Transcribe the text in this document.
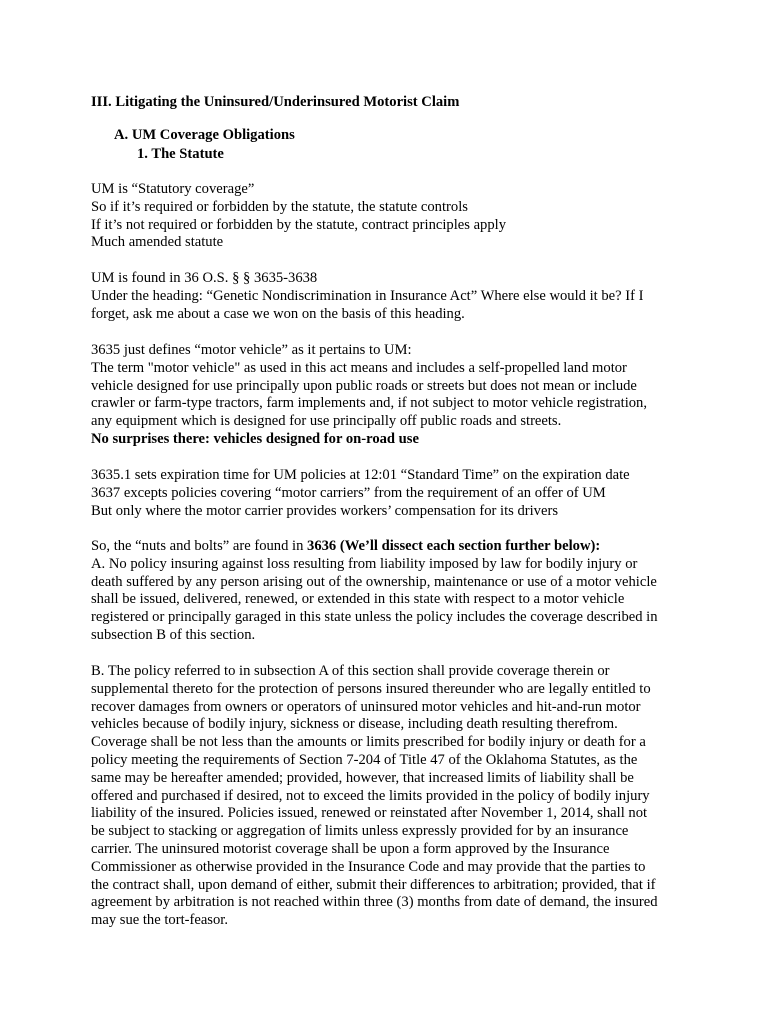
III. Litigating the Uninsured/Underinsured Motorist Claim
A. UM Coverage Obligations
1. The Statute
UM is “Statutory coverage”
So if it’s required or forbidden by the statute, the statute controls
If it’s not required or forbidden by the statute, contract principles apply
Much amended statute
UM is found in 36 O.S. § § 3635-3638
Under the heading: “Genetic Nondiscrimination in Insurance Act” Where else would it be? If I
forget, ask me about a case we won on the basis of this heading.
3635 just defines “motor vehicle” as it pertains to UM:
The term "motor vehicle" as used in this act means and includes a self-propelled land motor
vehicle designed for use principally upon public roads or streets but does not mean or include
crawler or farm-type tractors, farm implements and, if not subject to motor vehicle registration,
any equipment which is designed for use principally off public roads and streets.
No surprises there: vehicles designed for on-road use
3635.1 sets expiration time for UM policies at 12:01 “Standard Time” on the expiration date
3637 excepts policies covering “motor carriers” from the requirement of an offer of UM
But only where the motor carrier provides workers’ compensation for its drivers
So, the “nuts and bolts” are found in 3636 (We’ll dissect each section further below):
A. No policy insuring against loss resulting from liability imposed by law for bodily injury or
death suffered by any person arising out of the ownership, maintenance or use of a motor vehicle
shall be issued, delivered, renewed, or extended in this state with respect to a motor vehicle
registered or principally garaged in this state unless the policy includes the coverage described in
subsection B of this section.
B. The policy referred to in subsection A of this section shall provide coverage therein or
supplemental thereto for the protection of persons insured thereunder who are legally entitled to
recover damages from owners or operators of uninsured motor vehicles and hit-and-run motor
vehicles because of bodily injury, sickness or disease, including death resulting therefrom.
Coverage shall be not less than the amounts or limits prescribed for bodily injury or death for a
policy meeting the requirements of Section 7-204 of Title 47 of the Oklahoma Statutes, as the
same may be hereafter amended; provided, however, that increased limits of liability shall be
offered and purchased if desired, not to exceed the limits provided in the policy of bodily injury
liability of the insured. Policies issued, renewed or reinstated after November 1, 2014, shall not
be subject to stacking or aggregation of limits unless expressly provided for by an insurance
carrier. The uninsured motorist coverage shall be upon a form approved by the Insurance
Commissioner as otherwise provided in the Insurance Code and may provide that the parties to
the contract shall, upon demand of either, submit their differences to arbitration; provided, that if
agreement by arbitration is not reached within three (3) months from date of demand, the insured
may sue the tort-feasor.
